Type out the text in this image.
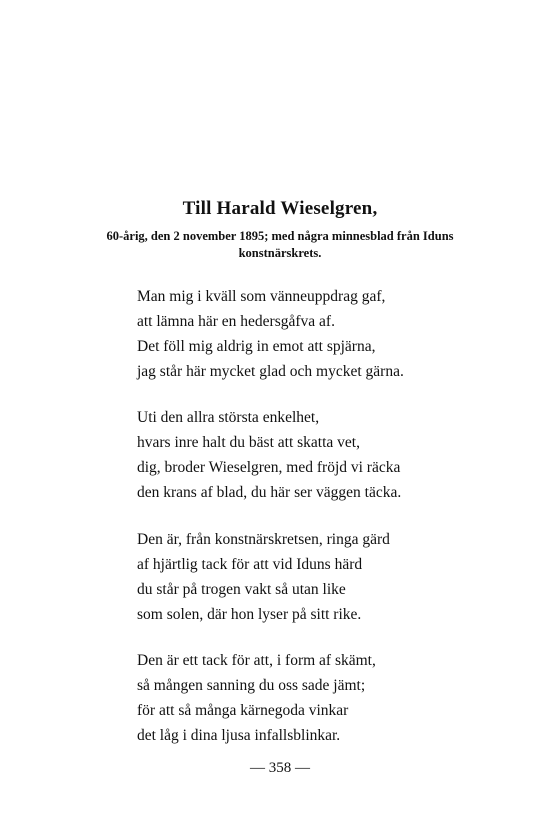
Till Harald Wieselgren,
60-årig, den 2 november 1895; med några minnesblad från Iduns
konstnärskrets.
Man mig i kväll som vänneuppdrag gaf,
att lämna här en hedersgåfva af.
Det föll mig aldrig in emot att spjärna,
jag står här mycket glad och mycket gärna.
Uti den allra största enkelhet,
hvars inre halt du bäst att skatta vet,
dig, broder Wieselgren, med fröjd vi räcka
den krans af blad, du här ser väggen täcka.
Den är, från konstnärskretsen, ringa gärd
af hjärtlig tack för att vid Iduns härd
du står på trogen vakt så utan like
som solen, där hon lyser på sitt rike.
Den är ett tack för att, i form af skämt,
så mången sanning du oss sade jämt;
för att så många kärnegoda vinkar
det låg i dina ljusa infallsblinkar.
— 358 —
